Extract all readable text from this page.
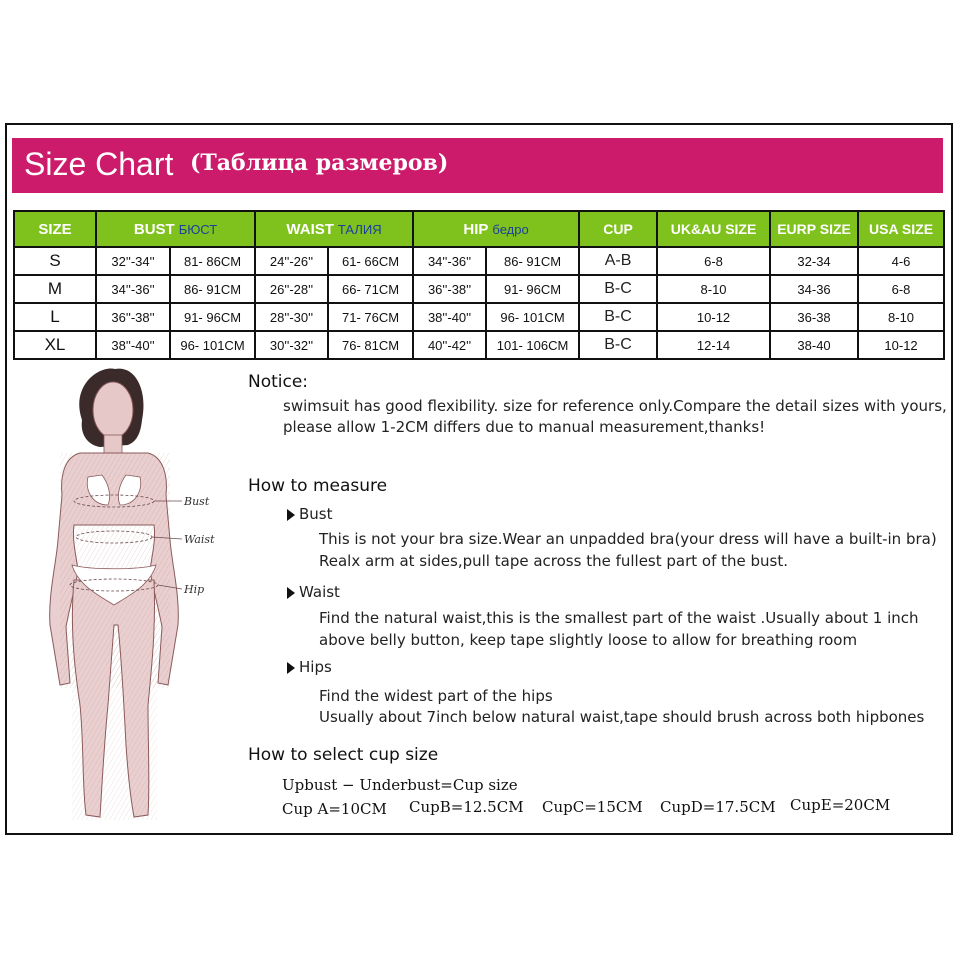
Size Chart (Таблица размеров)
SIZE	BUST БЮСТ		WAIST ТАЛИЯ		HIP бедро		CUP	UK&AU SIZE	EURP SIZE	USA SIZE
S	32''-34''	81- 86CM	24''-26''	61- 66CM	34''-36''	86- 91CM	A-B	6-8	32-34	4-6
M	34''-36''	86- 91CM	26''-28''	66- 71CM	36''-38''	91- 96CM	B-C	8-10	34-36	6-8
L	36''-38''	91- 96CM	28''-30''	71- 76CM	38''-40''	96- 101CM	B-C	10-12	36-38	8-10
XL	38''-40''	96- 101CM	30''-32''	76- 81CM	40''-42''	101- 106CM	B-C	12-14	38-40	10-12
Bust
Waist
Hip
Notice:
swimsuit has good flexibility. size for reference only.Compare the detail sizes with yours,
please allow 1-2CM differs due to manual measurement,thanks!
How to measure
Bust
This is not your bra size.Wear an unpadded bra(your dress will have a built-in bra)
Realx arm at sides,pull tape across the fullest part of the bust.
Waist
Find the natural waist,this is the smallest part of the waist .Usually about 1 inch
above belly button, keep tape slightly loose to allow for breathing room
Hips
Find the widest part of the hips
Usually about 7inch below natural waist,tape should brush across both hipbones
How to select cup size
Upbust − Underbust=Cup size
Cup A=10CM CupB=12.5CM CupC=15CM CupD=17.5CM CupE=20CM
